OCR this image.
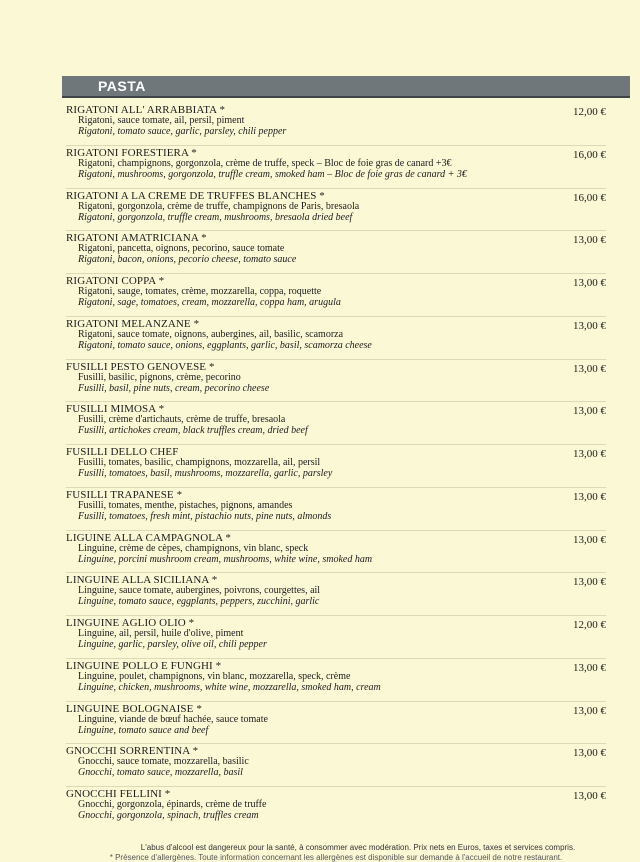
PASTA
RIGATONI ALL' ARRABBIATA *	12,00 €
Rigatoni, sauce tomate, ail, persil, piment
Rigatoni, tomato sauce, garlic, parsley, chili pepper
RIGATONI FORESTIERA *	16,00 €
Rigatoni, champignons, gorgonzola, crème de truffe, speck – Bloc de foie gras de canard +3€
Rigatoni, mushrooms, gorgonzola, truffle cream, smoked ham – Bloc de foie gras de canard + 3€
RIGATONI A LA CREME DE TRUFFES BLANCHES *	16,00 €
Rigatoni, gorgonzola, crème de truffe, champignons de Paris, bresaola
Rigatoni, gorgonzola, truffle cream, mushrooms, bresaola dried beef
RIGATONI AMATRICIANA *	13,00 €
Rigatoni, pancetta, oignons, pecorino, sauce tomate
Rigatoni, bacon, onions, pecorio cheese, tomato sauce
RIGATONI COPPA *	13,00 €
Rigatoni, sauge, tomates, crème, mozzarella, coppa, roquette
Rigatoni, sage, tomatoes, cream, mozzarella, coppa ham, arugula
RIGATONI MELANZANE *	13,00 €
Rigatoni, sauce tomate, oignons, aubergines, ail, basilic, scamorza
Rigatoni, tomato sauce, onions, eggplants, garlic, basil, scamorza cheese
FUSILLI PESTO GENOVESE *	13,00 €
Fusilli, basilic, pignons, crème, pecorino
Fusilli, basil, pine nuts, cream, pecorino cheese
FUSILLI MIMOSA *	13,00 €
Fusilli, crème d'artichauts, crème de truffe, bresaola
Fusilli, artichokes cream, black truffles cream, dried beef
FUSILLI DELLO CHEF	13,00 €
Fusilli, tomates, basilic, champignons, mozzarella, ail, persil
Fusilli, tomatoes, basil, mushrooms, mozzarella, garlic, parsley
FUSILLI TRAPANESE *	13,00 €
Fusilli, tomates, menthe, pistaches, pignons, amandes
Fusilli, tomatoes, fresh mint, pistachio nuts, pine nuts, almonds
LIGUINE ALLA CAMPAGNOLA *	13,00 €
Linguine, crème de cèpes, champignons, vin blanc, speck
Linguine, porcini mushroom cream, mushrooms, white wine, smoked ham
LINGUINE ALLA SICILIANA *	13,00 €
Linguine, sauce tomate, aubergines, poivrons, courgettes, ail
Linguine, tomato sauce, eggplants, peppers, zucchini, garlic
LINGUINE AGLIO OLIO *	12,00 €
Linguine, ail, persil, huile d'olive, piment
Linguine, garlic, parsley, olive oil, chili pepper
LINGUINE POLLO E FUNGHI *	13,00 €
Linguine, poulet, champignons, vin blanc, mozzarella, speck, crème
Linguine, chicken, mushrooms, white wine, mozzarella, smoked ham, cream
LINGUINE BOLOGNAISE *	13,00 €
Linguine, viande de bœuf hachée, sauce tomate
Linguine, tomato sauce and beef
GNOCCHI SORRENTINA *	13,00 €
Gnocchi, sauce tomate, mozzarella, basilic
Gnocchi, tomato sauce, mozzarella, basil
GNOCCHI FELLINI *	13,00 €
Gnocchi, gorgonzola, épinards, crème de truffe
Gnocchi, gorgonzola, spinach, truffles cream
L'abus d'alcool est dangereux pour la santé, à consommer avec modération. Prix nets en Euros, taxes et services compris.
* Présence d'allergènes. Toute information concernant les allergènes est disponible sur demande à l'accueil de notre restaurant.
